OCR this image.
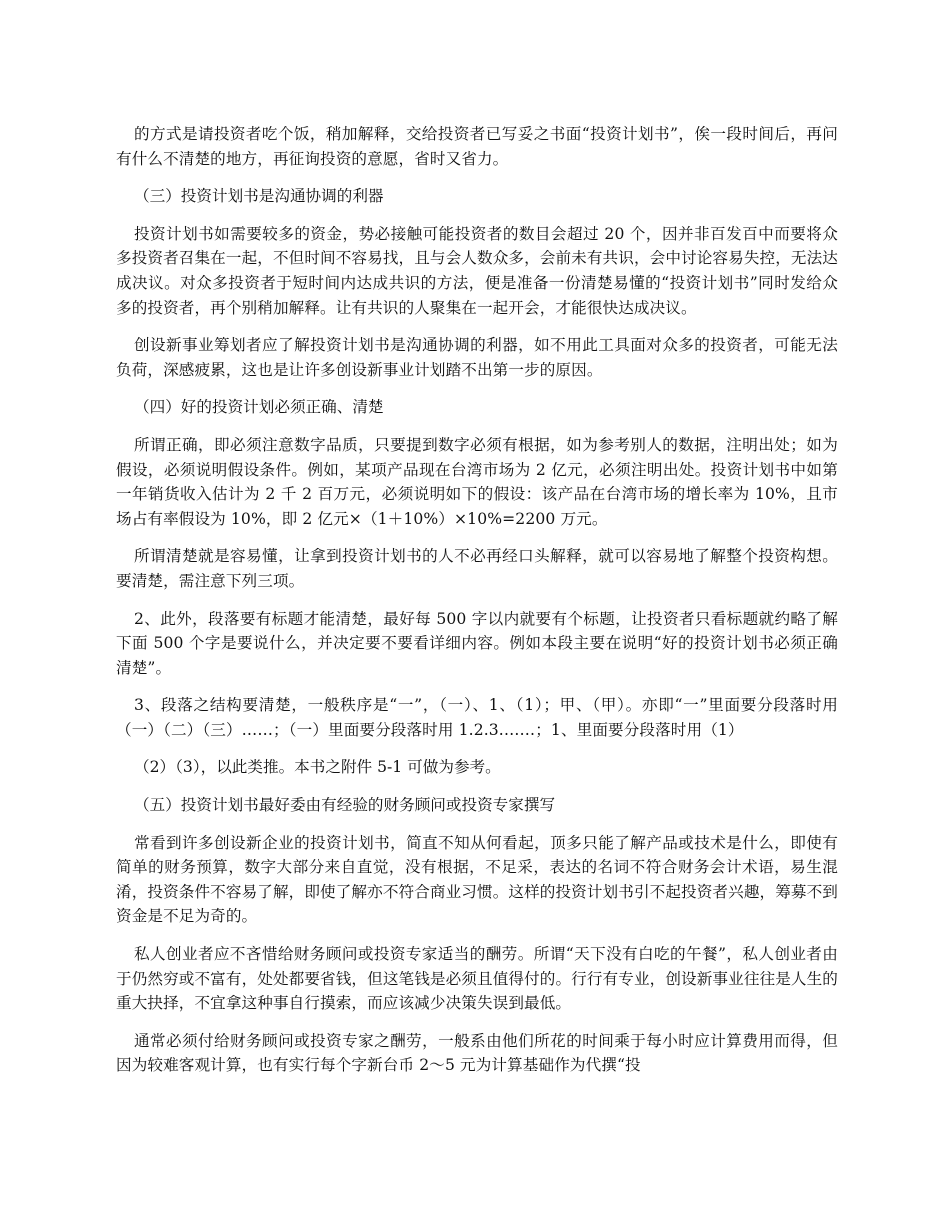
的方式是请投资者吃个饭，稍加解释，交给投资者已写妥之书面“投资计划书”，俟一段时间后，再问有什么不清楚的地方，再征询投资的意愿，省时又省力。

（三）投资计划书是沟通协调的利器

投资计划书如需要较多的资金，势必接触可能投资者的数目会超过 20 个，因并非百发百中而要将众多投资者召集在一起，不但时间不容易找，且与会人数众多，会前未有共识，会中讨论容易失控，无法达成决议。对众多投资者于短时间内达成共识的方法，便是准备一份清楚易懂的“投资计划书”同时发给众多的投资者，再个别稍加解释。让有共识的人聚集在一起开会，才能很快达成决议。

创设新事业筹划者应了解投资计划书是沟通协调的利器，如不用此工具面对众多的投资者，可能无法负荷，深感疲累，这也是让许多创设新事业计划踏不出第一步的原因。

（四）好的投资计划必须正确、清楚

所谓正确，即必须注意数字品质，只要提到数字必须有根据，如为参考别人的数据，注明出处；如为假设，必须说明假设条件。例如，某项产品现在台湾市场为 2 亿元，必须注明出处。投资计划书中如第一年销货收入估计为 2 千 2 百万元，必须说明如下的假设：该产品在台湾市场的增长率为 10%，且市场占有率假设为 10%，即 2 亿元×（1＋10%）×10%=2200 万元。

所谓清楚就是容易懂，让拿到投资计划书的人不必再经口头解释，就可以容易地了解整个投资构想。要清楚，需注意下列三项。

2、此外，段落要有标题才能清楚，最好每 500 字以内就要有个标题，让投资者只看标题就约略了解下面 500 个字是要说什么，并决定要不要看详细内容。例如本段主要在说明“好的投资计划书必须正确清楚”。

3、段落之结构要清楚，一般秩序是“一”，（一）、1、（1）；甲、（甲）。亦即“一”里面要分段落时用（一）（二）（三）……；（一）里面要分段落时用 1.2.3.……；1、里面要分段落时用（1）

（2）（3），以此类推。本书之附件 5-1 可做为参考。

（五）投资计划书最好委由有经验的财务顾问或投资专家撰写

常看到许多创设新企业的投资计划书，简直不知从何看起，顶多只能了解产品或技术是什么，即使有简单的财务预算，数字大部分来自直觉，没有根据，不足采，表达的名词不符合财务会计术语，易生混淆，投资条件不容易了解，即使了解亦不符合商业习惯。这样的投资计划书引不起投资者兴趣，筹募不到资金是不足为奇的。

私人创业者应不吝惜给财务顾问或投资专家适当的酬劳。所谓“天下没有白吃的午餐”，私人创业者由于仍然穷或不富有，处处都要省钱，但这笔钱是必须且值得付的。行行有专业，创设新事业往往是人生的重大抉择，不宜拿这种事自行摸索，而应该减少决策失误到最低。

通常必须付给财务顾问或投资专家之酬劳，一般系由他们所花的时间乘于每小时应计算费用而得，但因为较难客观计算，也有实行每个字新台币 2～5 元为计算基础作为代撰“投
